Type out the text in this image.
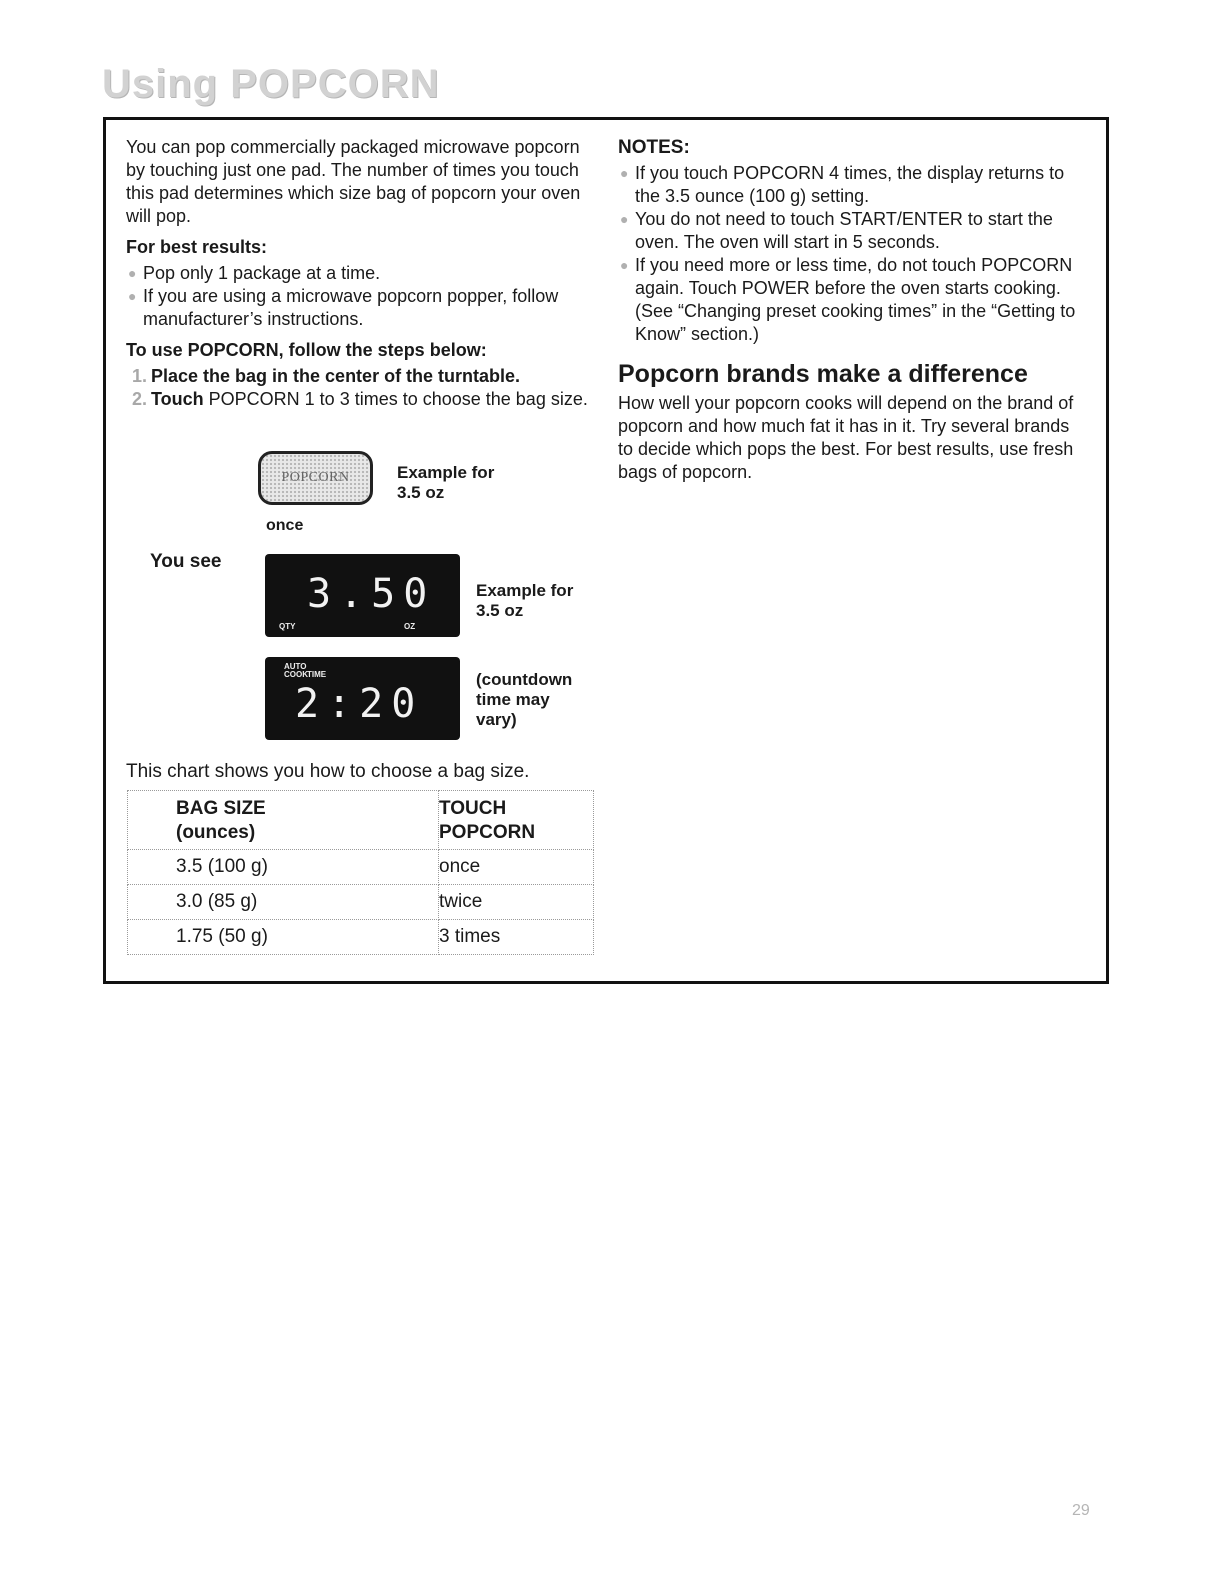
Using POPCORN

You can pop commercially packaged microwave popcorn by touching just one pad. The number of times you touch this pad determines which size bag of popcorn your oven will pop.

For best results:

● Pop only 1 package at a time.

● If you are using a microwave popcorn popper, follow manufacturer’s instructions.

To use POPCORN, follow the steps below:

1. Place the bag in the center of the turntable.

2. Touch POPCORN 1 to 3 times to choose the bag size.

POPCORN
once
Example for 3.5 oz
You see
3.50
QTY	OZ
Example for 3.5 oz
AUTO
COOK TIME
2:20
(countdown time may vary)
This chart shows you how to choose a bag size.
BAG SIZE
(ounces)	TOUCH
POPCORN
3.5 (100 g)	once
3.0 (85 g)	twice
1.75 (50 g)	3 times

NOTES:

● If you touch POPCORN 4 times, the display returns to the 3.5 ounce (100 g) setting.

● You do not need to touch START/ENTER to start the oven. The oven will start in 5 seconds.

● If you need more or less time, do not touch POPCORN again. Touch POWER before the oven starts cooking. (See “Changing preset cooking times” in the “Getting to Know” section.)

Popcorn brands make a difference

How well your popcorn cooks will depend on the brand of popcorn and how much fat it has in it. Try several brands to decide which pops the best. For best results, use fresh bags of popcorn.

29
